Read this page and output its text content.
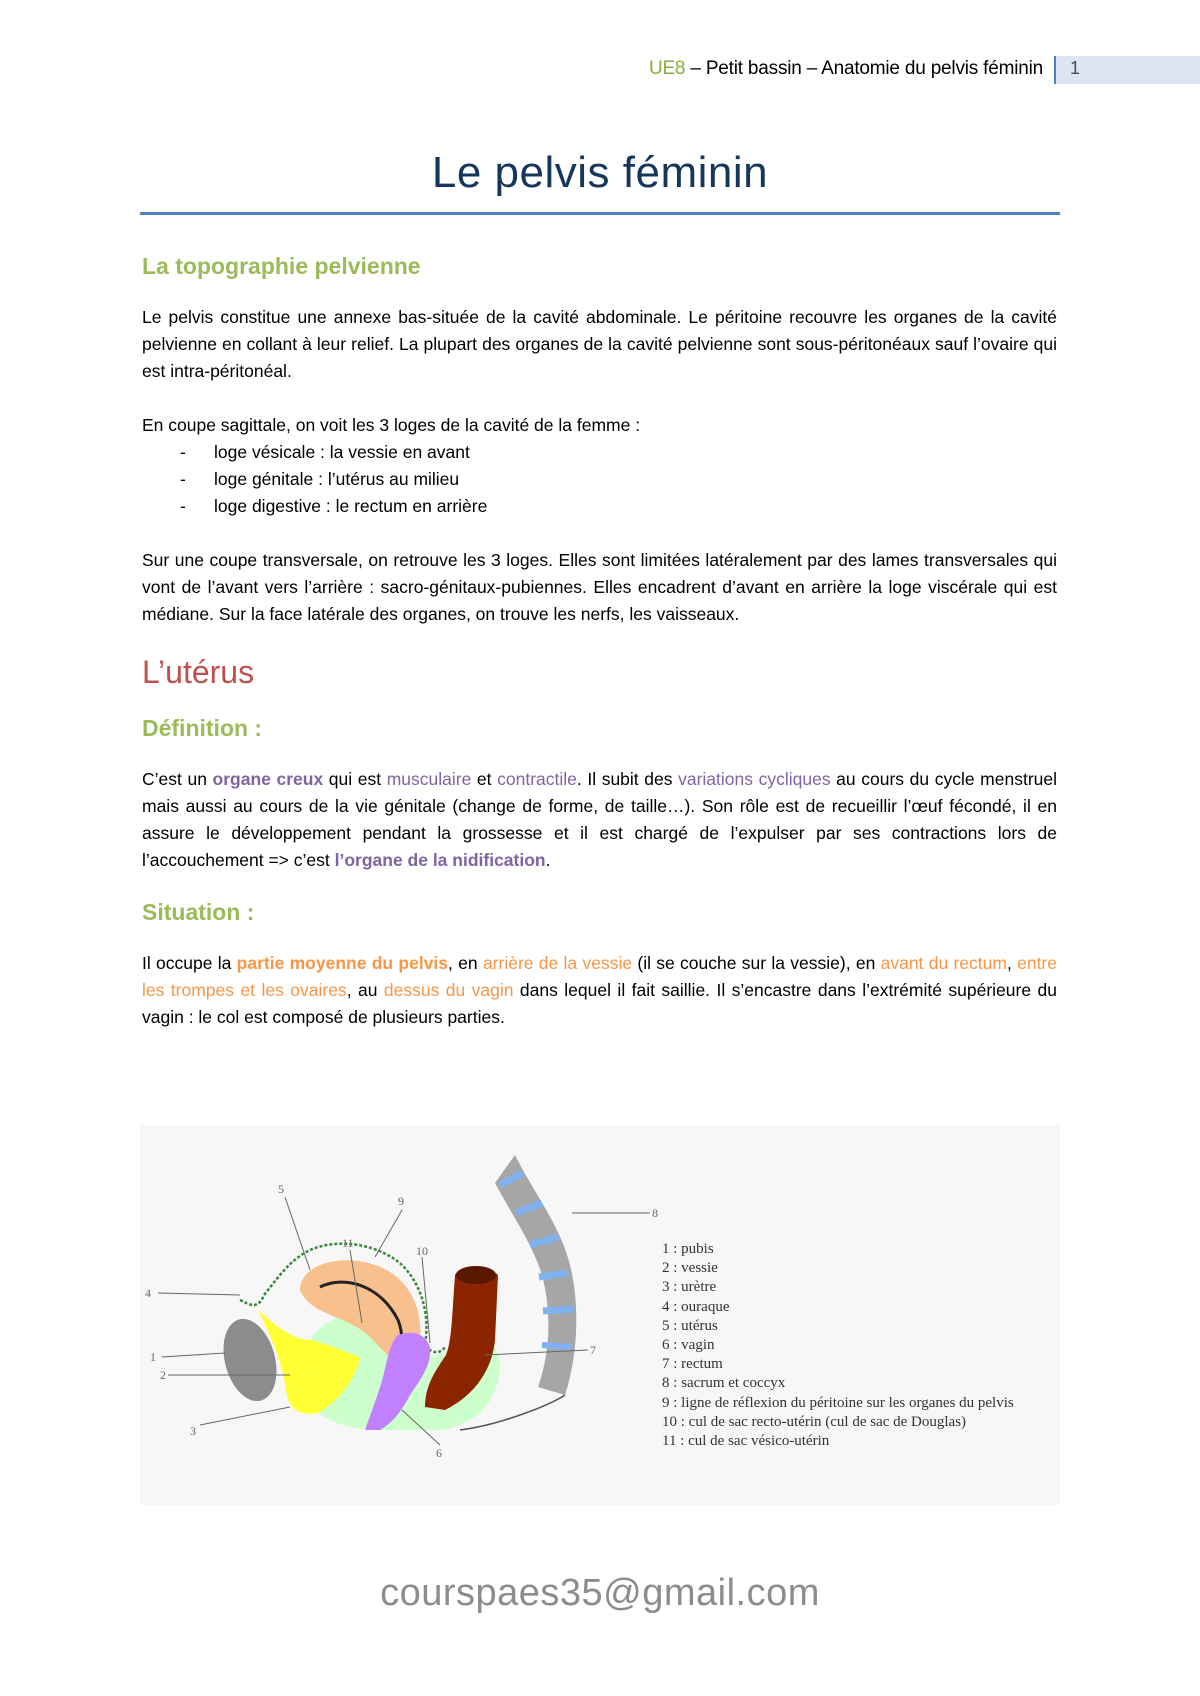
UE8 – Petit bassin – Anatomie du pelvis féminin 1
Le pelvis féminin
La topographie pelvienne

Le pelvis constitue une annexe bas-située de la cavité abdominale. Le péritoine recouvre les organes de la cavité pelvienne en collant à leur relief. La plupart des organes de la cavité pelvienne sont sous-péritonéaux sauf l’ovaire qui est intra-péritonéal.

En coupe sagittale, on voit les 3 loges de la cavité de la femme :

- loge vésicale : la vessie en avant
- loge génitale : l’utérus au milieu
- loge digestive : le rectum en arrière

Sur une coupe transversale, on retrouve les 3 loges. Elles sont limitées latéralement par des lames transversales qui vont de l’avant vers l’arrière : sacro-génitaux-pubiennes. Elles encadrent d’avant en arrière la loge viscérale qui est médiane. Sur la face latérale des organes, on trouve les nerfs, les vaisseaux.

L’utérus
Définition :

C’est un organe creux qui est musculaire et contractile. Il subit des variations cycliques au cours du cycle menstruel mais aussi au cours de la vie génitale (change de forme, de taille…). Son rôle est de recueillir l’œuf fécondé, il en assure le développement pendant la grossesse et il est chargé de l’expulser par ses contractions lors de l’accouchement => c’est l’organe de la nidification.

Situation :

Il occupe la partie moyenne du pelvis, en arrière de la vessie (il se couche sur la vessie), en avant du rectum, entre les trompes et les ovaires, au dessus du vagin dans lequel il fait saillie. Il s’encastre dans l’extrémité supérieure du vagin : le col est composé de plusieurs parties.

1
2
3
4
5
6
7
8
9
10
11	1 : pubis
2 : vessie
3 : urètre
4 : ouraque
5 : utérus
6 : vagin
7 : rectum
8 : sacrum et coccyx
9 : ligne de réflexion du péritoine sur les organes du pelvis
10 : cul de sac recto-utérin (cul de sac de Douglas)
11 : cul de sac vésico-utérin
courspaes35@gmail.com
